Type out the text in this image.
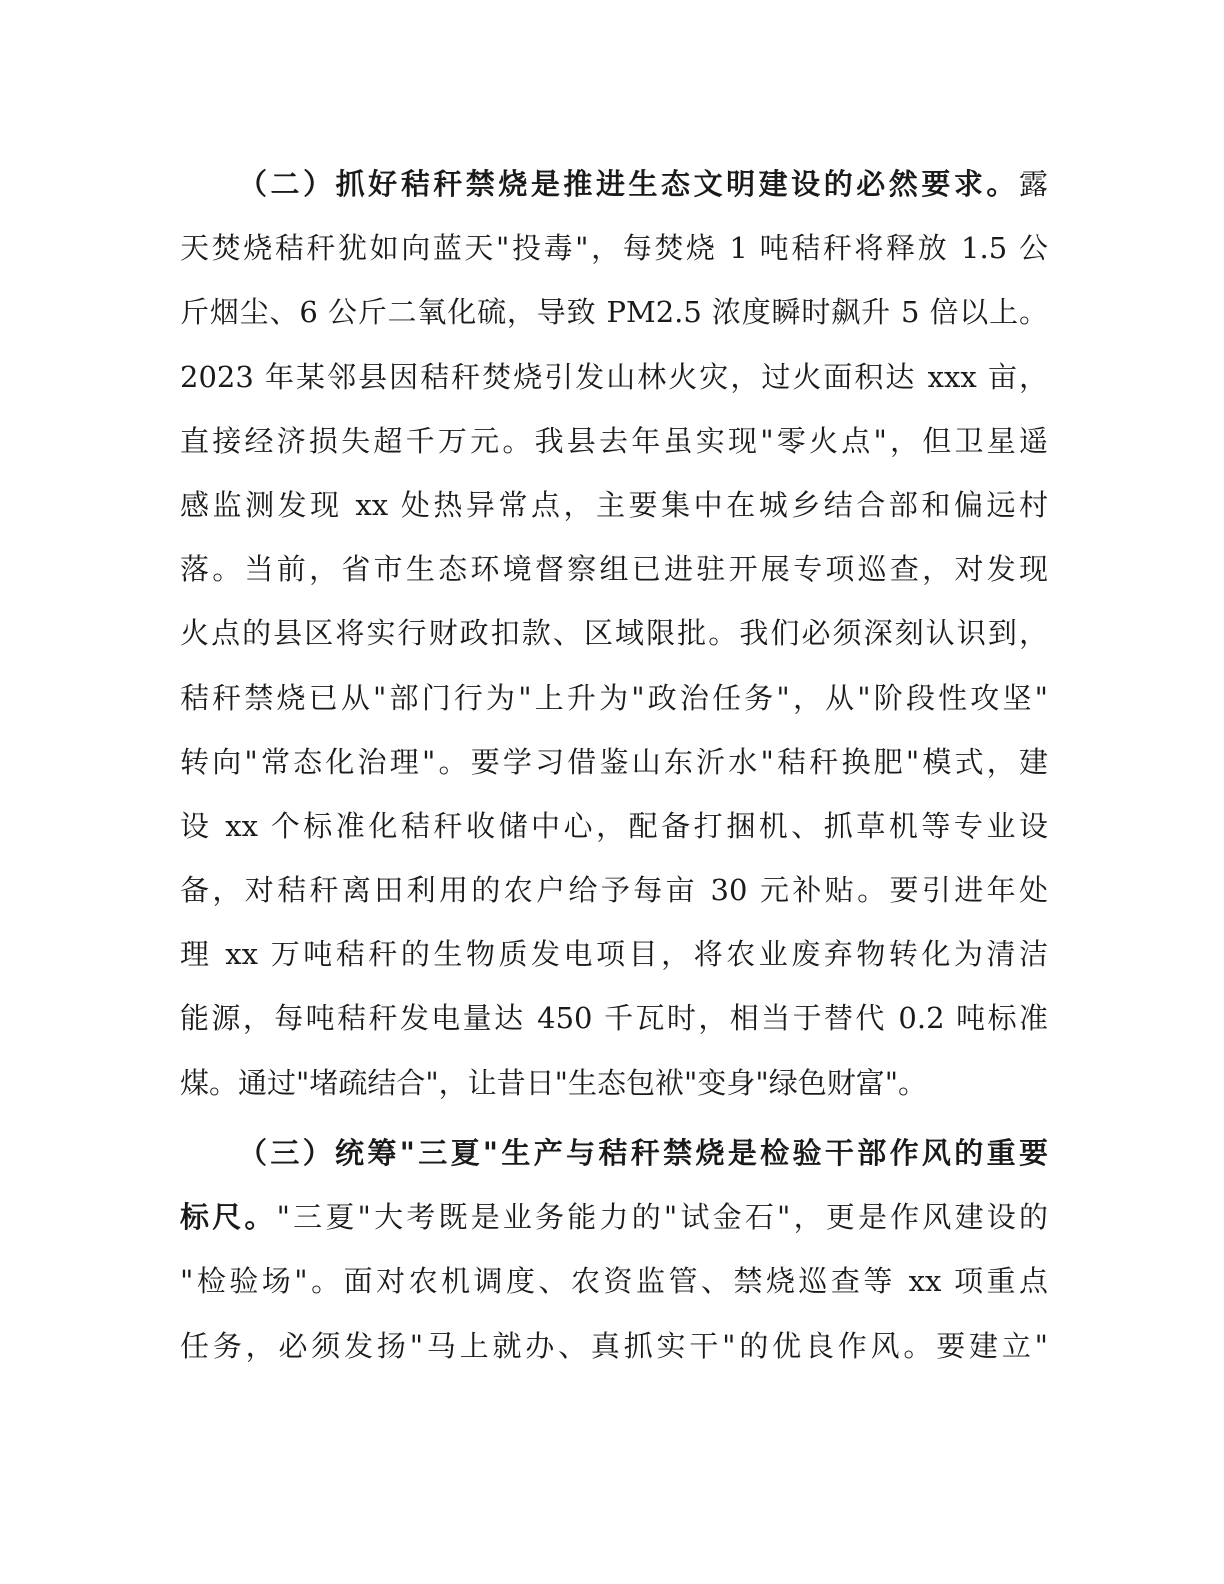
（二）抓好秸秆禁烧是推进生态文明建设的必然要求。露
天焚烧秸秆犹如向蓝天"投毒"，每焚烧 1 吨秸秆将释放 1.5 公
斤烟尘、6 公斤二氧化硫，导致 PM2.5 浓度瞬时飙升 5 倍以上。
2023 年某邻县因秸秆焚烧引发山林火灾，过火面积达 xxx 亩，
直接经济损失超千万元。我县去年虽实现"零火点"，但卫星遥
感监测发现 xx 处热异常点，主要集中在城乡结合部和偏远村
落。当前，省市生态环境督察组已进驻开展专项巡查，对发现
火点的县区将实行财政扣款、区域限批。我们必须深刻认识到，
秸秆禁烧已从"部门行为"上升为"政治任务"，从"阶段性攻坚"
转向"常态化治理"。要学习借鉴山东沂水"秸秆换肥"模式，建
设 xx 个标准化秸秆收储中心，配备打捆机、抓草机等专业设
备，对秸秆离田利用的农户给予每亩 30 元补贴。要引进年处
理 xx 万吨秸秆的生物质发电项目，将农业废弃物转化为清洁
能源，每吨秸秆发电量达 450 千瓦时，相当于替代 0.2 吨标准
煤。通过"堵疏结合"，让昔日"生态包袱"变身"绿色财富"。
（三）统筹"三夏"生产与秸秆禁烧是检验干部作风的重要
标尺。"三夏"大考既是业务能力的"试金石"，更是作风建设的
"检验场"。面对农机调度、农资监管、禁烧巡查等 xx 项重点
任务，必须发扬"马上就办、真抓实干"的优良作风。要建立"
